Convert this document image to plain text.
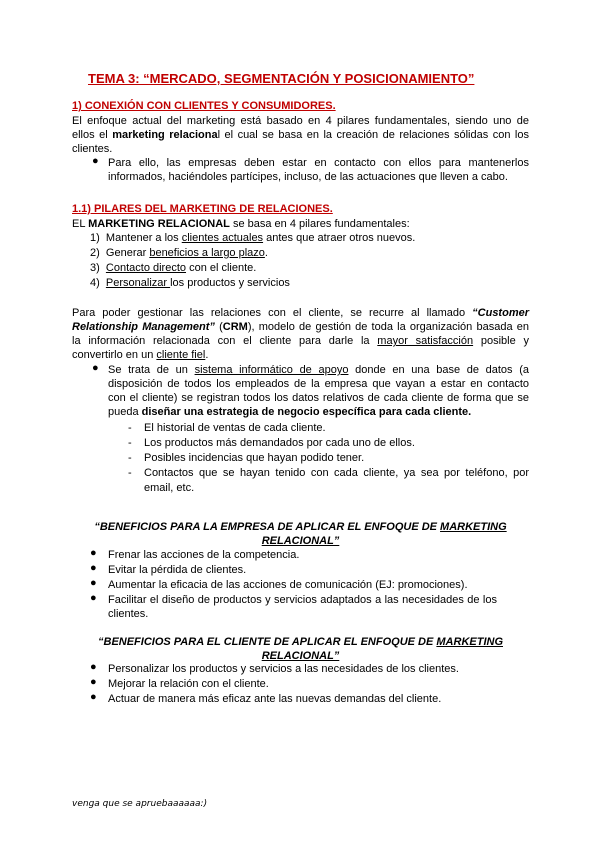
TEMA 3: “MERCADO, SEGMENTACIÓN Y POSICIONAMIENTO”
1) CONEXIÓN CON CLIENTES Y CONSUMIDORES.
El enfoque actual del marketing está basado en 4 pilares fundamentales, siendo uno de
ellos el marketing relacional el cual se basa en la creación de relaciones sólidas con los
clientes.
● Para ello, las empresas deben estar en contacto con ellos para mantenerlos
informados, haciéndoles partícipes, incluso, de las actuaciones que lleven a cabo.
1.1) PILARES DEL MARKETING DE RELACIONES.
EL MARKETING RELACIONAL se basa en 4 pilares fundamentales:
1) Mantener a los clientes actuales antes que atraer otros nuevos.
2) Generar beneficios a largo plazo.
3) Contacto directo con el cliente.
4) Personalizar los productos y servicios
Para poder gestionar las relaciones con el cliente, se recurre al llamado “Customer
Relationship Management” (CRM), modelo de gestión de toda la organización basada en
la información relacionada con el cliente para darle la mayor satisfacción posible y
convertirlo en un cliente fiel.
● Se trata de un sistema informático de apoyo donde en una base de datos (a
disposición de todos los empleados de la empresa que vayan a estar en contacto
con el cliente) se registran todos los datos relativos de cada cliente de forma que se
pueda diseñar una estrategia de negocio específica para cada cliente.
- El historial de ventas de cada cliente.
- Los productos más demandados por cada uno de ellos.
- Posibles incidencias que hayan podido tener.
- Contactos que se hayan tenido con cada cliente, ya sea por teléfono, por
email, etc.
“BENEFICIOS PARA LA EMPRESA DE APLICAR EL ENFOQUE DE MARKETING
RELACIONAL”
● Frenar las acciones de la competencia.
● Evitar la pérdida de clientes.
● Aumentar la eficacia de las acciones de comunicación (EJ: promociones).
● Facilitar el diseño de productos y servicios adaptados a las necesidades de los
clientes.
“BENEFICIOS PARA EL CLIENTE DE APLICAR EL ENFOQUE DE MARKETING
RELACIONAL”
● Personalizar los productos y servicios a las necesidades de los clientes.
● Mejorar la relación con el cliente.
● Actuar de manera más eficaz ante las nuevas demandas del cliente.
venga que se apruebaaaaaa:)
